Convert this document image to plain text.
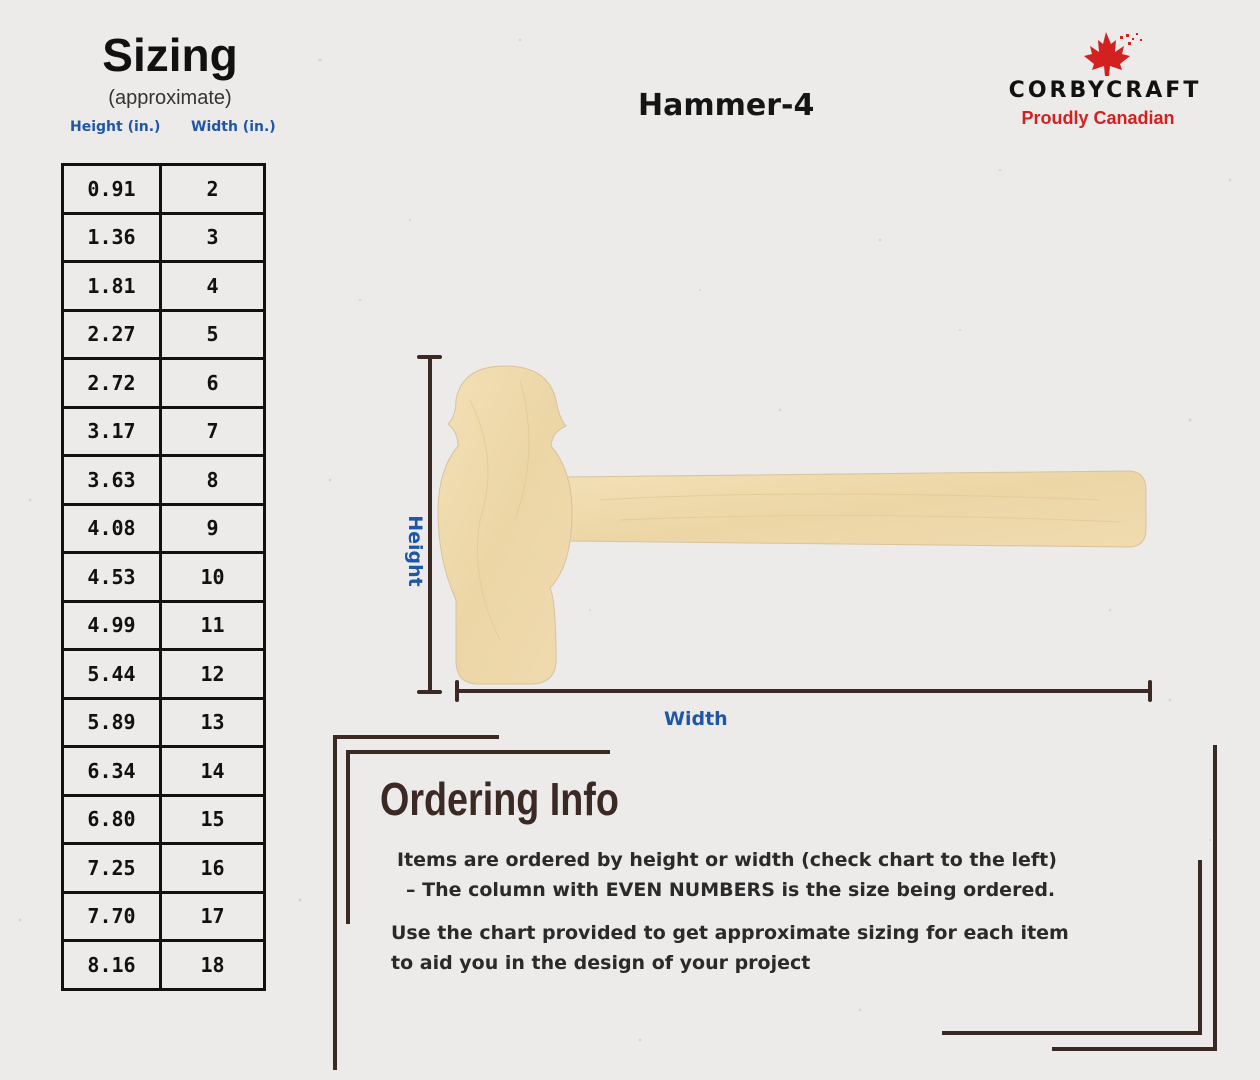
Sizing
(approximate)
Height (in.) Width (in.)
0.91	2
1.36	3
1.81	4
2.27	5
2.72	6
3.17	7
3.63	8
4.08	9
4.53	10
4.99	11
5.44	12
5.89	13
6.34	14
6.80	15
7.25	16
7.70	17
8.16	18
Hammer-4	CORBYCRAFT
Proudly Canadian
Height
Width
Ordering Info
Items are ordered by height or width (check chart to the left)
– The column with EVEN NUMBERS is the size being ordered.
Use the chart provided to get approximate sizing for each item
to aid you in the design of your project
